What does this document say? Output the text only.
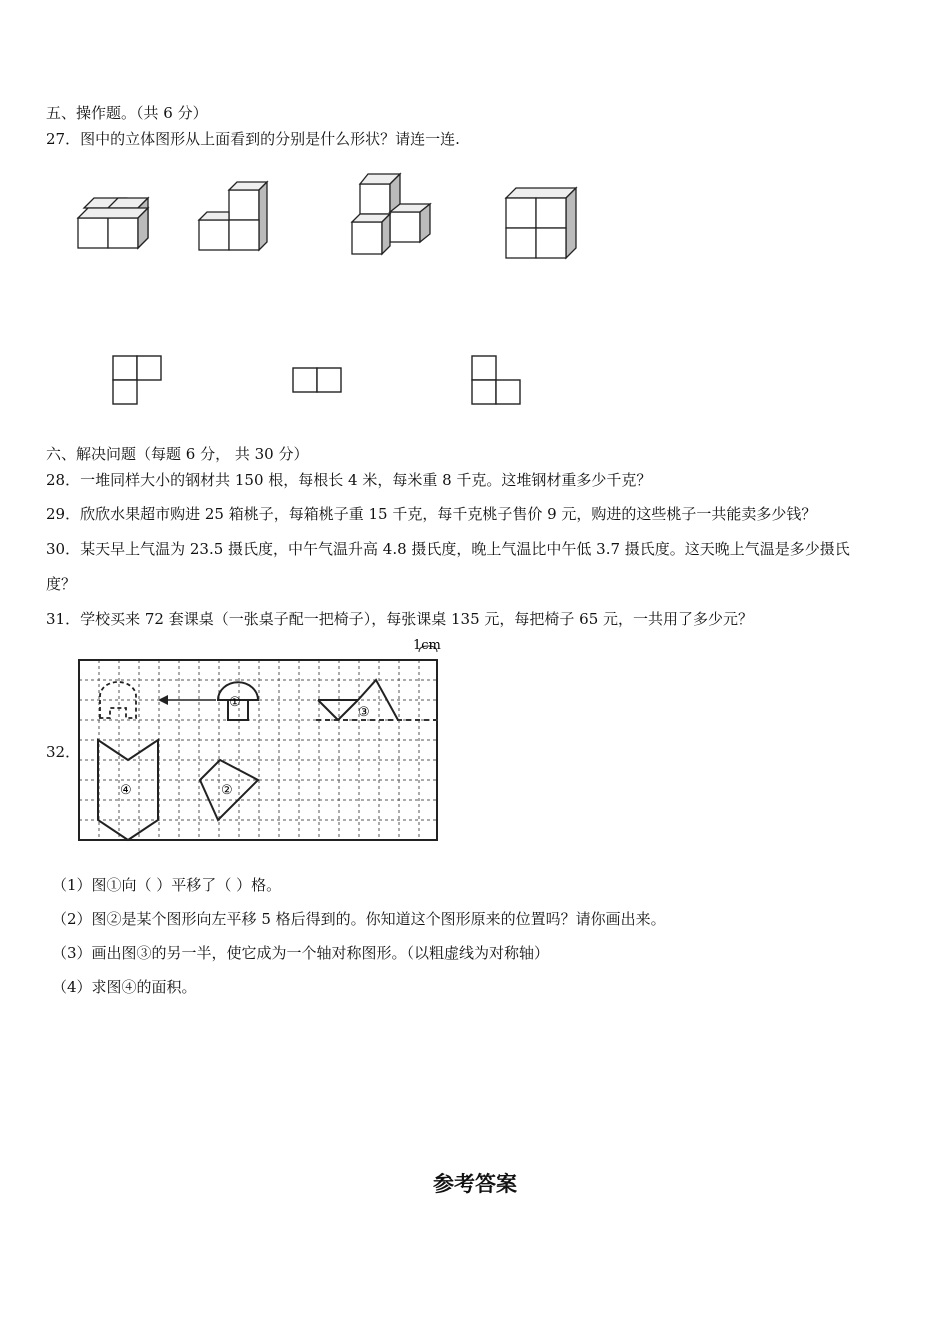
五、操作题。（共 6 分）
27．图中的立体图形从上面看到的分别是什么形状？请连一连.
六、解决问题（每题 6 分， 共 30 分）
28．一堆同样大小的钢材共 150 根，每根长 4 米，每米重 8 千克。这堆钢材重多少千克？
29．欣欣水果超市购进 25 箱桃子，每箱桃子重 15 千克，每千克桃子售价 9 元，购进的这些桃子一共能卖多少钱？
30．某天早上气温为 23.5 摄氏度，中午气温升高 4.8 摄氏度，晚上气温比中午低 3.7 摄氏度。这天晚上气温是多少摄氏
度？
31．学校买来 72 套课桌（一张桌子配一把椅子），每张课桌 135 元，每把椅子 65 元，一共用了多少元？
32．
1cm
①
③
④	②
（1）图①向（ ）平移了（ ）格。
（2）图②是某个图形向左平移 5 格后得到的。你知道这个图形原来的位置吗？请你画出来。
（3）画出图③的另一半，使它成为一个轴对称图形。（以粗虚线为对称轴）
（4）求图④的面积。
参考答案
